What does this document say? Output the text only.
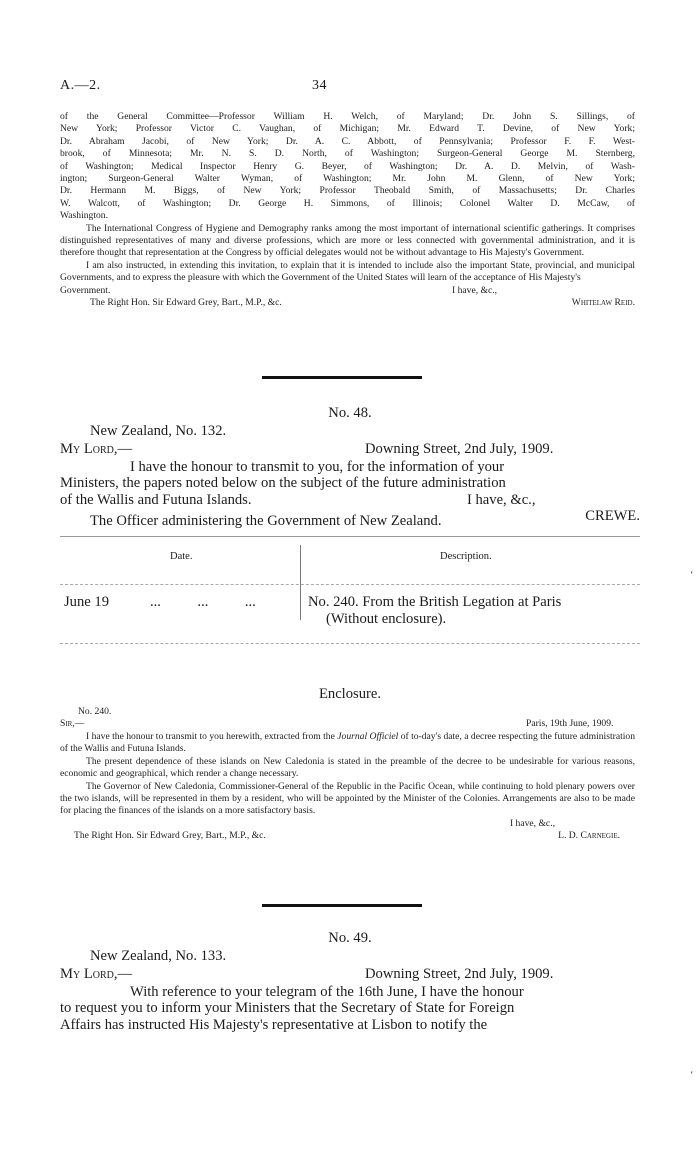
A.—2.	34
of the General Committee—Professor William H. Welch, of Maryland; Dr. John S. Sillings, of
New York; Professor Victor C. Vaughan, of Michigan; Mr. Edward T. Devine, of New York;
Dr. Abraham Jacobi, of New York; Dr. A. C. Abbott, of Pennsylvania; Professor F. F. West-
brook, of Minnesota; Mr. N. S. D. North, of Washington; Surgeon-General George M. Sternberg,
of Washington; Medical Inspector Henry G. Beyer, of Washington; Dr. A. D. Melvin, of Wash-
ington; Surgeon-General Walter Wyman, of Washington; Mr. John M. Glenn, of New York;
Dr. Hermann M. Biggs, of New York; Professor Theobald Smith, of Massachusetts; Dr. Charles
W. Walcott, of Washington; Dr. George H. Simmons, of Illinois; Colonel Walter D. McCaw, of
Washington.

The International Congress of Hygiene and Demography ranks among the most important of international scientific gatherings. It comprises distinguished representatives of many and diverse professions, which are more or less connected with governmental administration, and it is therefore thought that representation at the Congress by official delegates would not be without advantage to His Majesty's Government.

I am also instructed, in extending this invitation, to explain that it is intended to include also the important State, provincial, and municipal Governments, and to express the pleasure with which the Government of the United States will learn of the acceptance of His Majesty's

Government.	I have, &c.,
The Right Hon. Sir Edward Grey, Bart., M.P., &c.	Whitelaw Reid.
No. 48.
New Zealand, No. 132.
My Lord,—	Downing Street, 2nd July, 1909.
I have the honour to transmit to you, for the information of your
Ministers, the papers noted below on the subject of the future administration
of the Wallis and Futuna Islands.	I have, &c.,
CREWE.
The Officer administering the Government of New Zealand.
Date.	Description.
June 19	...          ...          ...	No. 240. From the British Legation at Paris
(Without enclosure).
Enclosure.
No. 240.
Sir,—	Paris, 19th June, 1909.

I have the honour to transmit to you herewith, extracted from the Journal Officiel of to-day's date, a decree respecting the future administration of the Wallis and Futuna Islands.

The present dependence of these islands on New Caledonia is stated in the preamble of the decree to be undesirable for various reasons, economic and geographical, which render a change necessary.

The Governor of New Caledonia, Commissioner-General of the Republic in the Pacific Ocean, while continuing to hold plenary powers over the two islands, will be represented in them by a resident, who will be appointed by the Minister of the Colonies. Arrangements are also to be made for placing the finances of the islands on a more satisfactory basis.

I have, &c.,
The Right Hon. Sir Edward Grey, Bart., M.P., &c.	L. D. Carnegie.
No. 49.
New Zealand, No. 133.
My Lord,—	Downing Street, 2nd July, 1909.
With reference to your telegram of the 16th June, I have the honour
to request you to inform your Ministers that the Secretary of State for Foreign
Affairs has instructed His Majesty's representative at Lisbon to notify the
‘
‘
